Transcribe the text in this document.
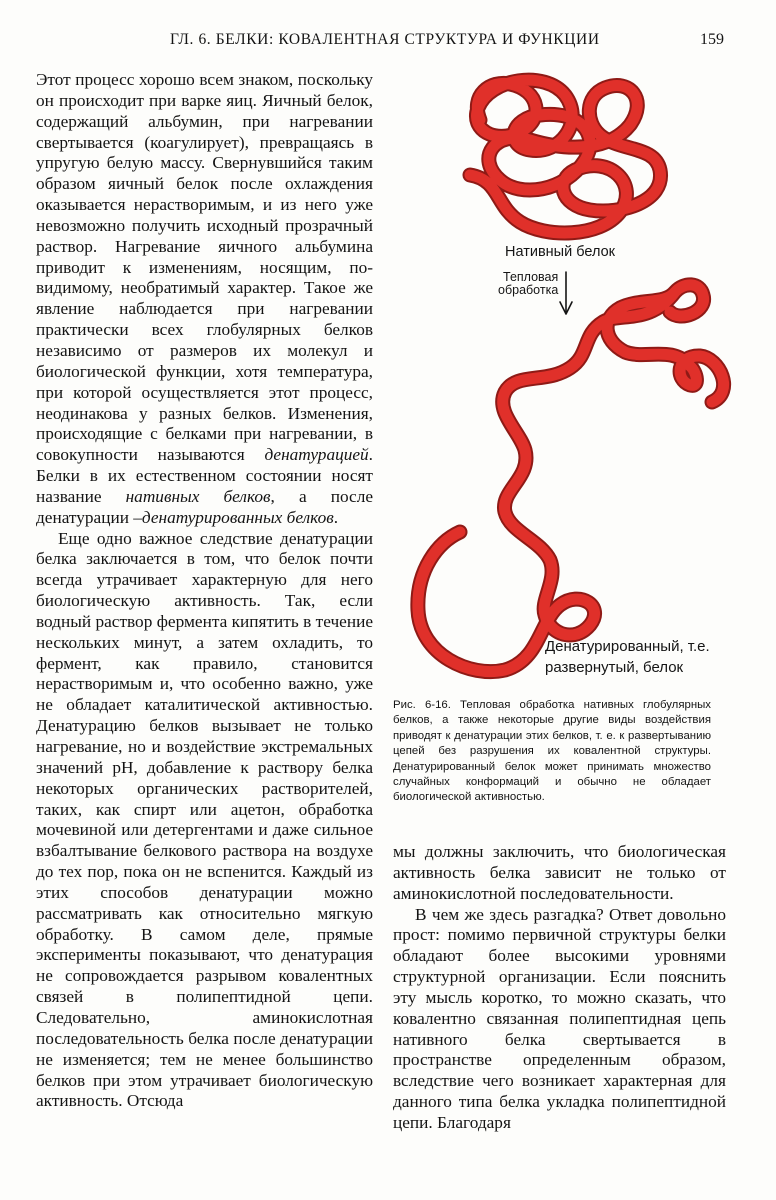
ГЛ. 6. БЕЛКИ: КОВАЛЕНТНАЯ СТРУКТУРА И ФУНКЦИИ	159

Этот процесс хорошо всем знаком, поскольку он происходит при варке яиц. Яичный белок, содержащий альбумин, при нагревании свертывается (коагулирует), превращаясь в упругую белую массу. Свернувшийся таким образом яичный белок после охлаждения оказывается нерастворимым, и из него уже невозможно получить исходный прозрачный раствор. Нагревание яичного альбумина приводит к изменениям, носящим, по-видимому, необратимый характер. Такое же явление наблюдается при нагревании практически всех глобулярных белков независимо от размеров их молекул и биологической функции, хотя температура, при которой осуществляется этот процесс, неодинакова у разных белков. Изменения, происходящие с белками при нагревании, в совокупности называются денатурацией. Белки в их естественном состоянии носят название нативных белков, а после денатурации –денатурированных белков.

Еще одно важное следствие денатурации белка заключается в том, что белок почти всегда утрачивает характерную для него биологическую активность. Так, если водный раствор фермента кипятить в течение нескольких минут, а затем охладить, то фермент, как правило, становится нерастворимым и, что особенно важно, уже не обладает каталитической активностью. Денатурацию белков вызывает не только нагревание, но и воздействие экстремальных значений pH, добавление к раствору белка некоторых органических растворителей, таких, как спирт или ацетон, обработка мочевиной или детергентами и даже сильное взбалтывание белкового раствора на воздухе до тех пор, пока он не вспенится. Каждый из этих способов денатурации можно рассматривать как относительно мягкую обработку. В самом деле, прямые эксперименты показывают, что денатурация не сопровождается разрывом ковалентных связей в полипептидной цепи. Следовательно, аминокислотная последовательность белка после денатурации не изменяется; тем не менее большинство белков при этом утрачивает биологическую активность. Отсюда

Нативный белок
Тепловая
обработка
Денатурированный, т.е.
развернутый, белок
Рис. 6-16. Тепловая обработка нативных глобулярных белков, а также некоторые другие виды воздействия приводят к денатурации этих белков, т. е. к развертыванию цепей без разрушения их ковалентной структуры. Денатурированный белок может принимать множество случайных конформаций и обычно не обладает биологической активностью.

мы должны заключить, что биологическая активность белка зависит не только от аминокислотной последовательности.

В чем же здесь разгадка? Ответ довольно прост: помимо первичной структуры белки обладают более высокими уровнями структурной организации. Если пояснить эту мысль коротко, то можно сказать, что ковалентно связанная полипептидная цепь нативного белка свертывается в пространстве определенным образом, вследствие чего возникает характерная для данного типа белка укладка полипептидной цепи. Благодаря
